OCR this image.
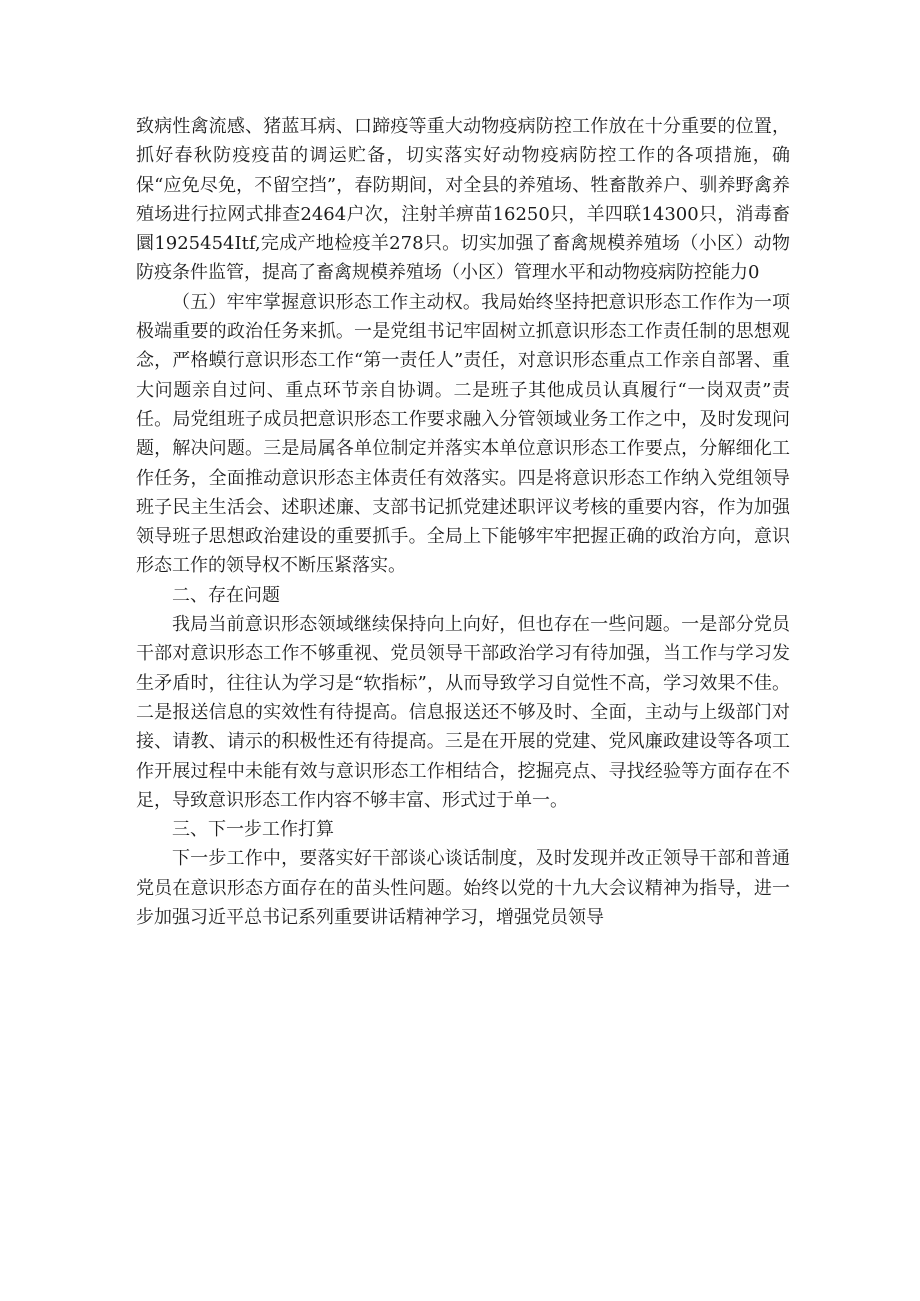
致病性禽流感、猪蓝耳病、口蹄疫等重大动物疫病防控工作放在十分重要的位置，抓好春秋防疫疫苗的调运贮备，切实落实好动物疫病防控工作的各项措施，确保“应免尽免，不留空挡”，春防期间，对全县的养殖场、牲畜散养户、驯养野禽养殖场进行拉网式排查2464户次，注射羊痹苗16250只，羊四联14300只，消毒畜圜1925454Itf,完成产地检疫羊278只。切实加强了畜禽规模养殖场（小区）动物防疫条件监管，提高了畜禽规模养殖场（小区）管理水平和动物疫病防控能力0

（五）牢牢掌握意识形态工作主动权。我局始终坚持把意识形态工作作为一项极端重要的政治任务来抓。一是党组书记牢固树立抓意识形态工作责任制的思想观念，严格蟆行意识形态工作“第一责任人”责任，对意识形态重点工作亲自部署、重大问题亲自过问、重点环节亲自协调。二是班子其他成员认真履行“一岗双责”责任。局党组班子成员把意识形态工作要求融入分管领域业务工作之中，及时发现问题，解决问题。三是局属各单位制定并落实本单位意识形态工作要点，分解细化工作任务，全面推动意识形态主体责任有效落实。四是将意识形态工作纳入党组领导班子民主生活会、述职述廉、支部书记抓党建述职评议考核的重要内容，作为加强领导班子思想政治建设的重要抓手。全局上下能够牢牢把握正确的政治方向，意识形态工作的领导权不断压紧落实。

二、存在问题

我局当前意识形态领域继续保持向上向好，但也存在一些问题。一是部分党员干部对意识形态工作不够重视、党员领导干部政治学习有待加强，当工作与学习发生矛盾时，往往认为学习是“软指标”，从而导致学习自觉性不高，学习效果不佳。二是报送信息的实效性有待提高。信息报送还不够及时、全面，主动与上级部门对接、请教、请示的积极性还有待提高。三是在开展的党建、党风廉政建设等各项工作开展过程中未能有效与意识形态工作相结合，挖掘亮点、寻找经验等方面存在不足，导致意识形态工作内容不够丰富、形式过于单一。

三、下一步工作打算

下一步工作中，要落实好干部谈心谈话制度，及时发现并改正领导干部和普通党员在意识形态方面存在的苗头性问题。始终以党的十九大会议精神为指导，进一步加强习近平总书记系列重要讲话精神学习，增强党员领导
